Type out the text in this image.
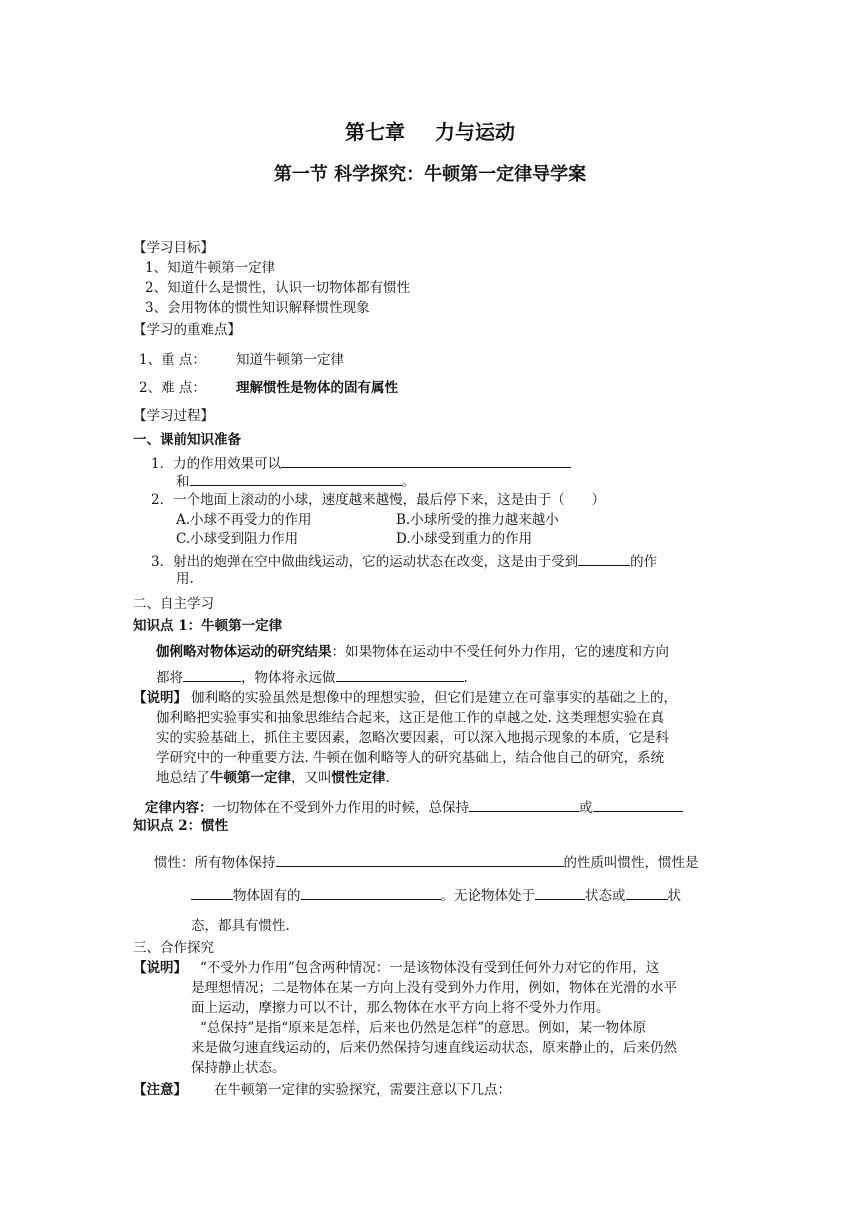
第七章 力与运动
第一节 科学探究：牛顿第一定律导学案
【学习目标】
1、知道牛顿第一定律
2、知道什么是惯性，认识一切物体都有惯性
3、会用物体的惯性知识解释惯性现象
【学习的重难点】
1、重 点： 知道牛顿第一定律
2、难 点： 理解惯性是物体的固有属性
【学习过程】
一、课前知识准备
1．力的作用效果可以
和	。
2．一个地面上滚动的小球，速度越来越慢，最后停下来，这是由于（　　）
A.小球不再受力的作用	B.小球所受的推力越来越小
C.小球受到阻力作用	D.小球受到重力的作用
3．射出的炮弹在空中做曲线运动，它的运动状态在改变，这是由于受到	的作
用.
二、自主学习
知识点 1：牛顿第一定律
伽俐略对物体运动的研究结果：如果物体在运动中不受任何外力作用，它的速度和方向
都将	，物体将永远做	.
【说明】 伽利略的实验虽然是想像中的理想实验，但它们是建立在可靠事实的基础之上的，
伽利略把实验事实和抽象思维结合起来，这正是他工作的卓越之处. 这类理想实验在真
实的实验基础上，抓住主要因素，忽略次要因素，可以深入地揭示现象的本质，它是科
学研究中的一种重要方法. 牛顿在伽利略等人的研究基础上，结合他自己的研究，系统
地总结了牛顿第一定律，又叫惯性定律.
定律内容：一切物体在不受到外力作用的时候，总保持	或
知识点 2：惯性
惯性：所有物体保持	的性质叫惯性，惯性是
物体固有的	。无论物体处于	状态或	状
态，都具有惯性.
三、合作探究
【说明】 “不受外力作用”包含两种情况：一是该物体没有受到任何外力对它的作用，这
是理想情况；二是物体在某一方向上没有受到外力作用，例如，物体在光滑的水平
面上运动，摩擦力可以不计，那么物体在水平方向上将不受外力作用。
“总保持”是指“原来是怎样，后来也仍然是怎样”的意思。例如，某一物体原
来是做匀速直线运动的，后来仍然保持匀速直线运动状态，原来静止的，后来仍然
保持静止状态。
【注意】 在牛顿第一定律的实验探究，需要注意以下几点：
